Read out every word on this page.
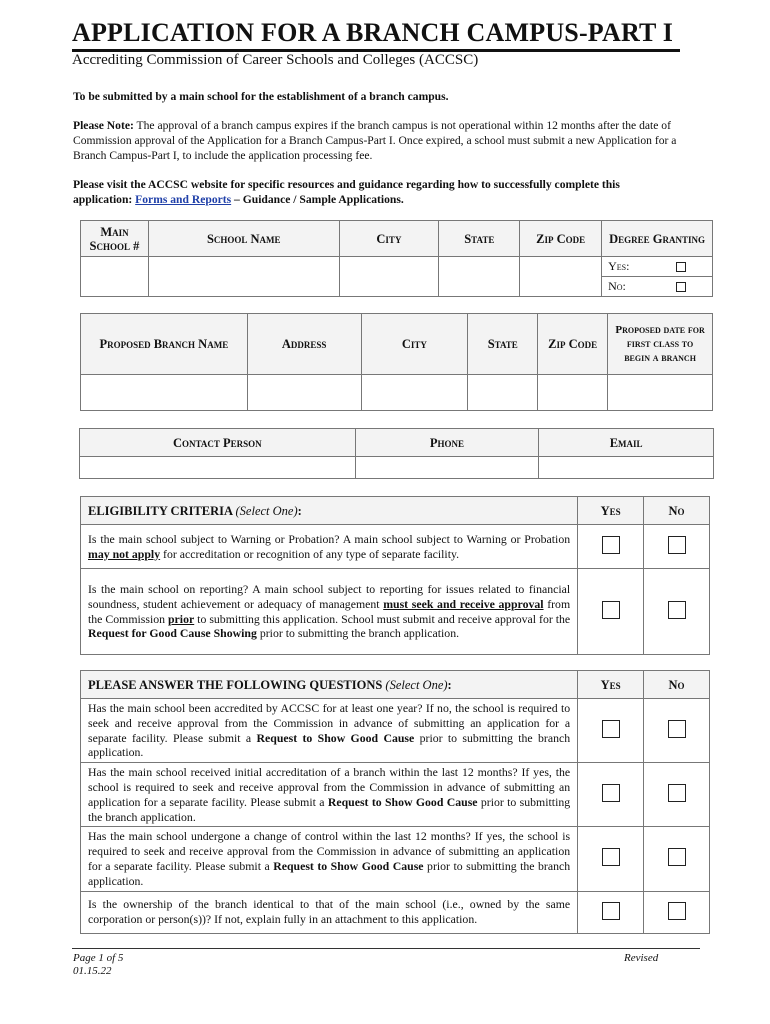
APPLICATION FOR A BRANCH CAMPUS-PART I
Accrediting Commission of Career Schools and Colleges (ACCSC)
To be submitted by a main school for the establishment of a branch campus.
Please Note: The approval of a branch campus expires if the branch campus is not operational within 12 months after the date of Commission approval of the Application for a Branch Campus-Part I. Once expired, a school must submit a new Application for a Branch Campus-Part I, to include the application processing fee.
Please visit the ACCSC website for specific resources and guidance regarding how to successfully complete this application: Forms and Reports – Guidance / Sample Applications.
Main School #	School Name	City	State	Zip Code	Degree Granting
					Yes:

					No:
Proposed Branch Name	Address	City	State	Zip Code	Proposed date for first class to begin a branch

Contact Person	Phone	Email

ELIGIBILITY CRITERIA (Select One):	Yes	No
Is the main school subject to Warning or Probation? A main school subject to Warning or Probation may not apply for accreditation or recognition of any type of separate facility.		
Is the main school on reporting? A main school subject to reporting for issues related to financial soundness, student achievement or adequacy of management must seek and receive approval from the Commission prior to submitting this application. School must submit and receive approval for the Request for Good Cause Showing prior to submitting the branch application.		
PLEASE ANSWER THE FOLLOWING QUESTIONS (Select One):	Yes	No
Has the main school been accredited by ACCSC for at least one year? If no, the school is required to seek and receive approval from the Commission in advance of submitting an application for a separate facility. Please submit a Request to Show Good Cause prior to submitting the branch application.		
Has the main school received initial accreditation of a branch within the last 12 months? If yes, the school is required to seek and receive approval from the Commission in advance of submitting an application for a separate facility. Please submit a Request to Show Good Cause prior to submitting the branch application.		
Has the main school undergone a change of control within the last 12 months? If yes, the school is required to seek and receive approval from the Commission in advance of submitting an application for a separate facility. Please submit a Request to Show Good Cause prior to submitting the branch application.		
Is the ownership of the branch identical to that of the main school (i.e., owned by the same corporation or person(s))? If not, explain fully in an attachment to this application.		
Page 1 of 5
01.15.22
Revised
